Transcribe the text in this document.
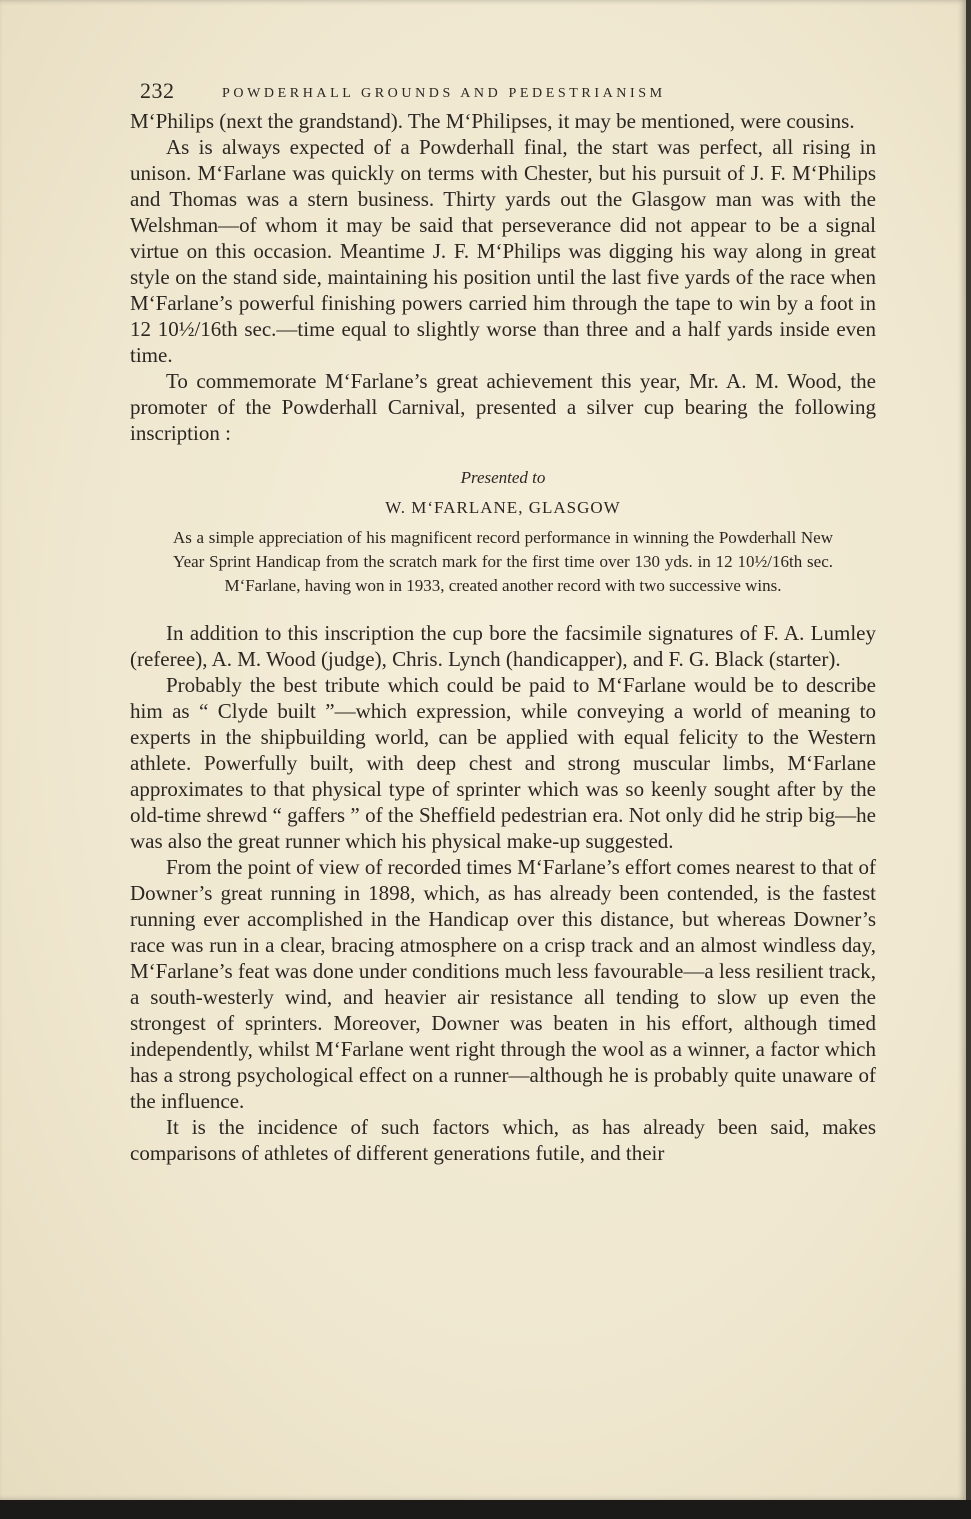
232	POWDERHALL GROUNDS AND PEDESTRIANISM

M‘Philips (next the grandstand). The M‘Philipses, it may be mentioned, were cousins.

As is always expected of a Powderhall final, the start was perfect, all rising in unison. M‘Farlane was quickly on terms with Chester, but his pursuit of J. F. M‘Philips and Thomas was a stern business. Thirty yards out the Glasgow man was with the Welshman—of whom it may be said that perseverance did not appear to be a signal virtue on this occasion. Meantime J. F. M‘Philips was digging his way along in great style on the stand side, maintaining his position until the last five yards of the race when M‘Farlane’s powerful finishing powers carried him through the tape to win by a foot in 12 10½/16th sec.—time equal to slightly worse than three and a half yards inside even time.

To commemorate M‘Farlane’s great achievement this year, Mr. A. M. Wood, the promoter of the Powderhall Carnival, presented a silver cup bearing the following inscription :

Presented to
W. M‘FARLANE, GLASGOW
As a simple appreciation of his magnificent record performance in winning the Powderhall New Year Sprint Handicap from the scratch mark for the first time over 130 yds. in 12 10½/16th sec. M‘Farlane, having won in 1933, created another record with two successive wins.

In addition to this inscription the cup bore the facsimile signatures of F. A. Lumley (referee), A. M. Wood (judge), Chris. Lynch (handicapper), and F. G. Black (starter).

Probably the best tribute which could be paid to M‘Farlane would be to describe him as “ Clyde built ”—which expression, while conveying a world of meaning to experts in the shipbuilding world, can be applied with equal felicity to the Western athlete. Powerfully built, with deep chest and strong muscular limbs, M‘Farlane approximates to that physical type of sprinter which was so keenly sought after by the old-time shrewd “ gaffers ” of the Sheffield pedestrian era. Not only did he strip big—he was also the great runner which his physical make-up suggested.

From the point of view of recorded times M‘Farlane’s effort comes nearest to that of Downer’s great running in 1898, which, as has already been contended, is the fastest running ever accomplished in the Handicap over this distance, but whereas Downer’s race was run in a clear, bracing atmosphere on a crisp track and an almost windless day, M‘Farlane’s feat was done under conditions much less favourable—a less resilient track, a south-westerly wind, and heavier air resistance all tending to slow up even the strongest of sprinters. Moreover, Downer was beaten in his effort, although timed independently, whilst M‘Farlane went right through the wool as a winner, a factor which has a strong psychological effect on a runner—although he is probably quite unaware of the influence.

It is the incidence of such factors which, as has already been said, makes comparisons of athletes of different generations futile, and their
